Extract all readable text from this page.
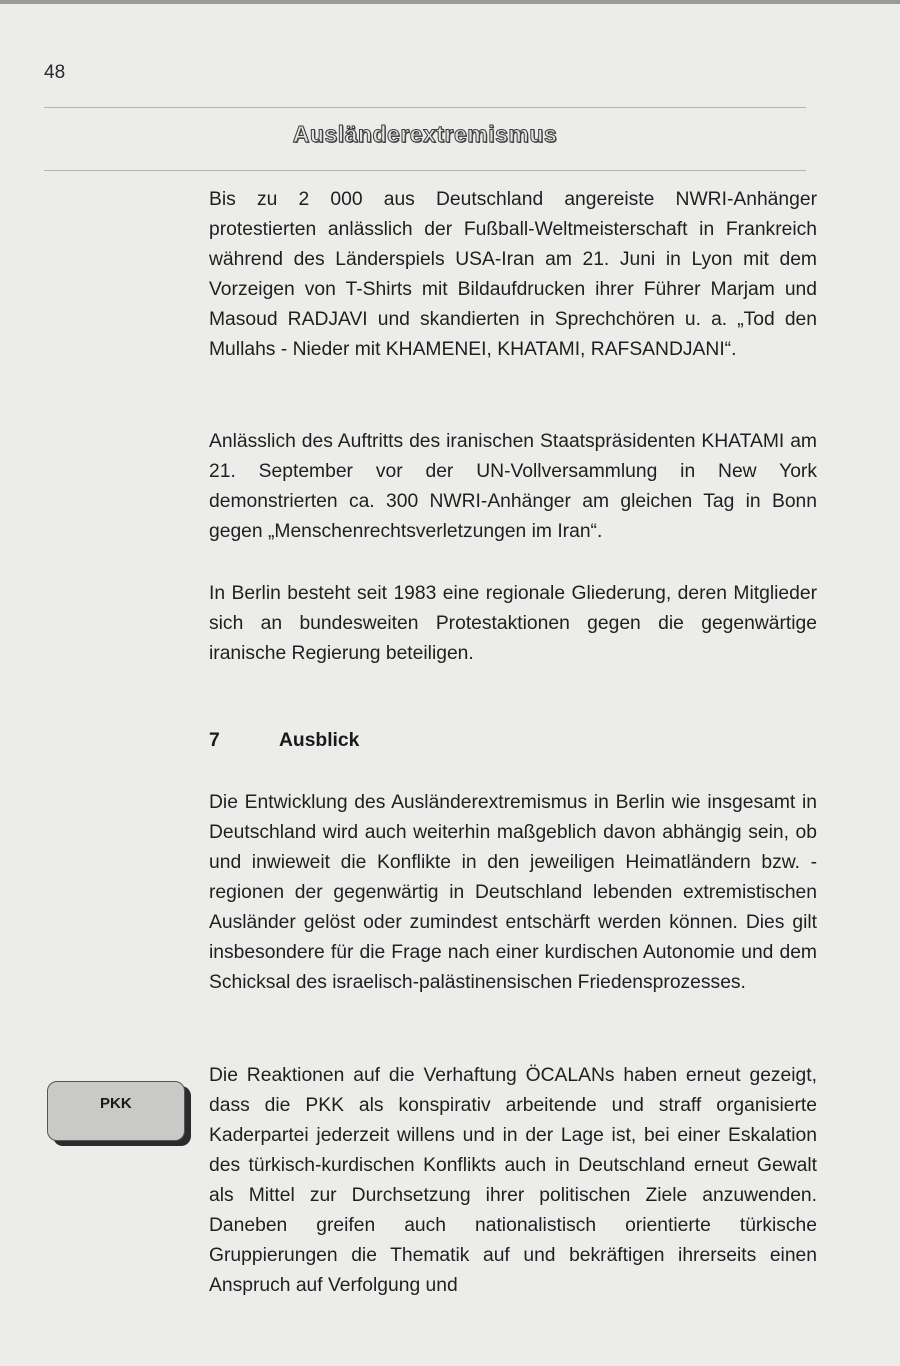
48
Ausländerextremismus

Bis zu 2 000 aus Deutschland angereiste NWRI-Anhänger protestierten anlässlich der Fußball-Weltmeisterschaft in Frankreich während des Länderspiels USA-Iran am 21. Juni in Lyon mit dem Vorzeigen von T-Shirts mit Bildaufdrucken ihrer Führer Marjam und Masoud RADJAVI und skandierten in Sprechchören u. a. „Tod den Mullahs - Nieder mit KHAMENEI, KHATAMI, RAFSANDJANI“.

Anlässlich des Auftritts des iranischen Staatspräsidenten KHATAMI am 21. September vor der UN-Vollversammlung in New York demonstrierten ca. 300 NWRI-Anhänger am gleichen Tag in Bonn gegen „Menschenrechtsverletzungen im Iran“.

In Berlin besteht seit 1983 eine regionale Gliederung, deren Mitglieder sich an bundesweiten Protestaktionen gegen die gegenwärtige iranische Regierung beteiligen.

7	Ausblick

Die Entwicklung des Ausländerextremismus in Berlin wie insgesamt in Deutschland wird auch weiterhin maßgeblich davon abhängig sein, ob und inwieweit die Konflikte in den jeweiligen Heimatländern bzw. -regionen der gegenwärtig in Deutschland lebenden extremistischen Ausländer gelöst oder zumindest entschärft werden können. Dies gilt insbesondere für die Frage nach einer kurdischen Autonomie und dem Schicksal des israelisch-palästinensischen Friedensprozesses.

Die Reaktionen auf die Verhaftung ÖCALANs haben erneut gezeigt, dass die PKK als konspirativ arbeitende und straff organisierte Kaderpartei jederzeit willens und in der Lage ist, bei einer Eskalation des türkisch-kurdischen Konflikts auch in Deutschland erneut Gewalt als Mittel zur Durchsetzung ihrer politischen Ziele anzuwenden. Daneben greifen auch nationalistisch orientierte türkische Gruppierungen die Thematik auf und bekräftigen ihrerseits einen Anspruch auf Verfolgung und

PKK
